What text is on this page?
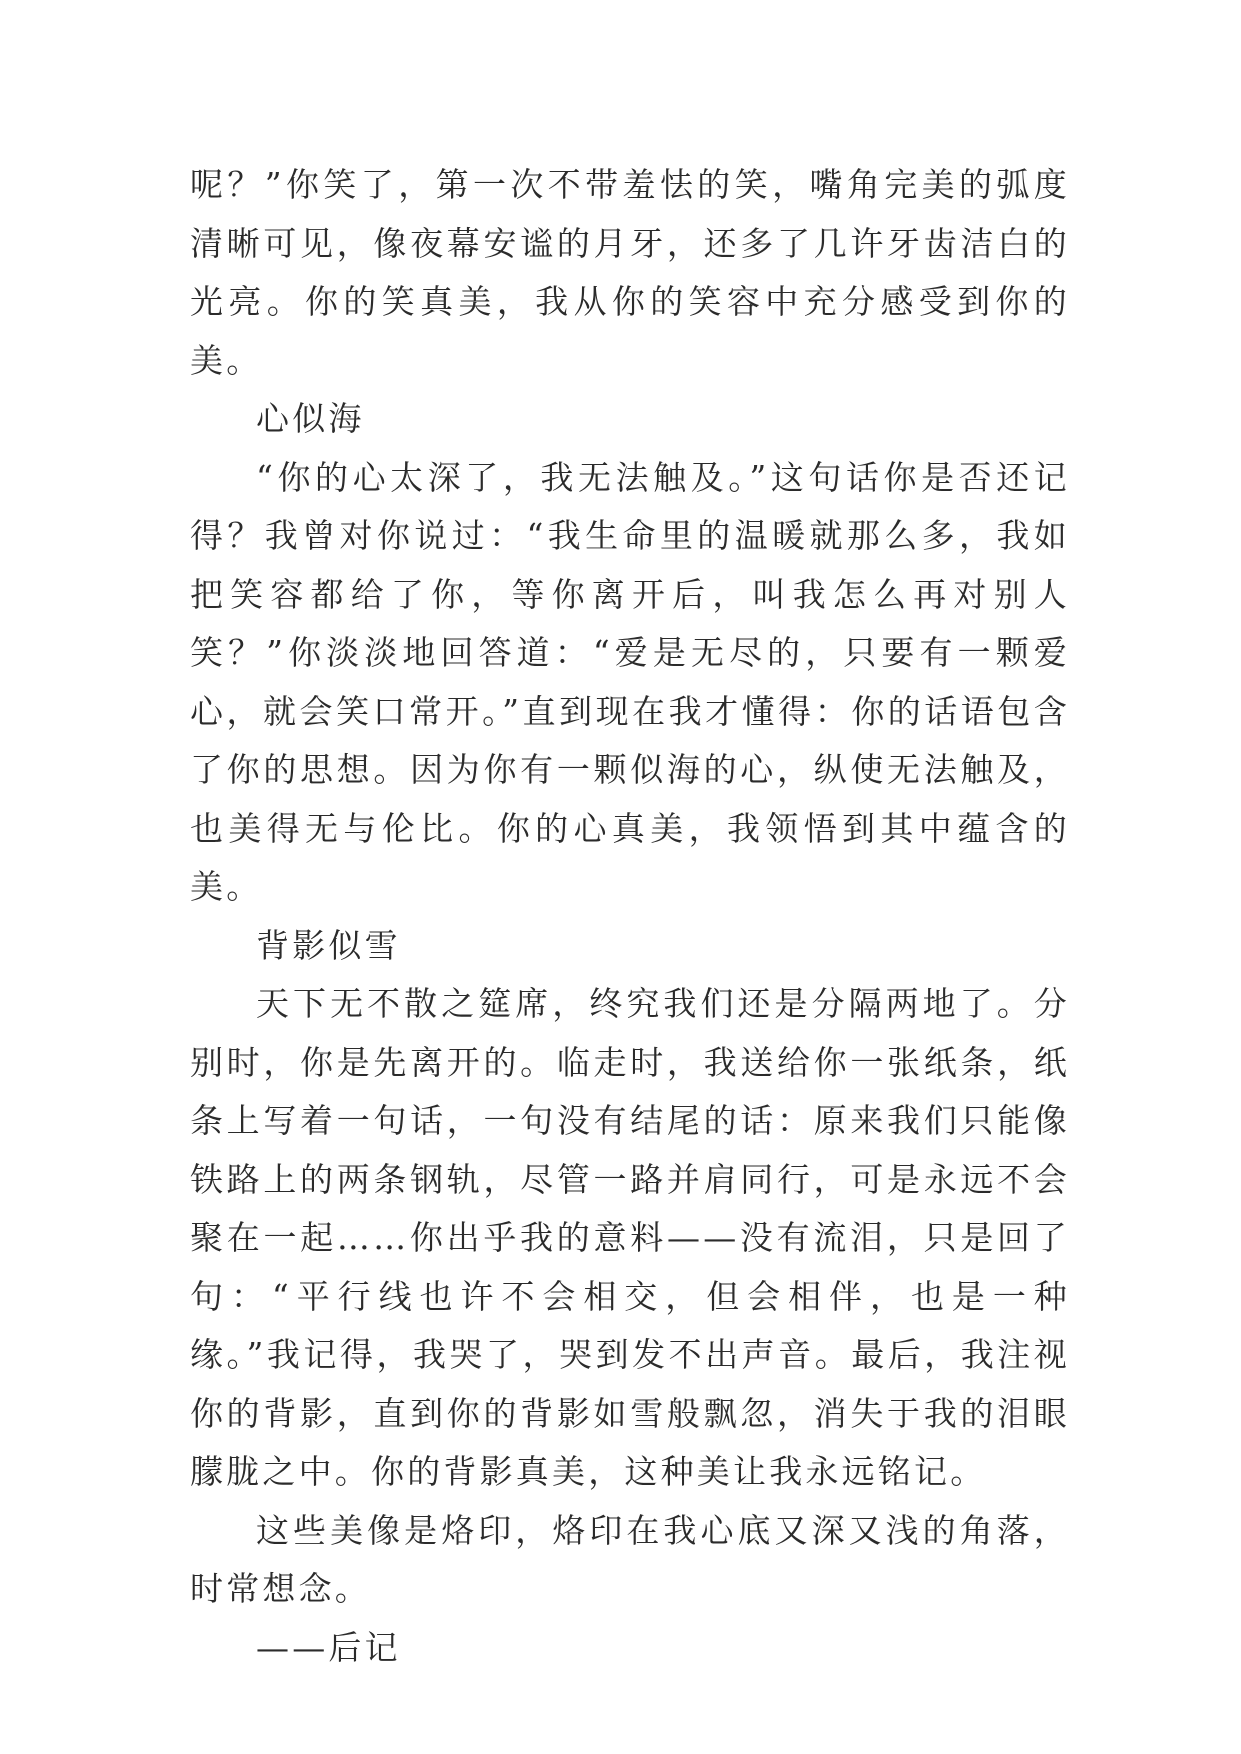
呢？”你笑了，第一次不带羞怯的笑，嘴角完美的弧度清晰可见，像夜幕安谧的月牙，还多了几许牙齿洁白的光亮。你的笑真美，我从你的笑容中充分感受到你的美。

心似海

“你的心太深了，我无法触及。”这句话你是否还记得？我曾对你说过：“我生命里的温暖就那么多，我如把笑容都给了你，等你离开后，叫我怎么再对别人笑？”你淡淡地回答道：“爱是无尽的，只要有一颗爱心，就会笑口常开。”直到现在我才懂得：你的话语包含了你的思想。因为你有一颗似海的心，纵使无法触及，也美得无与伦比。你的心真美，我领悟到其中蕴含的美。

背影似雪

天下无不散之筵席，终究我们还是分隔两地了。分别时，你是先离开的。临走时，我送给你一张纸条，纸条上写着一句话，一句没有结尾的话：原来我们只能像铁路上的两条钢轨，尽管一路并肩同行，可是永远不会聚在一起……你出乎我的意料——没有流泪，只是回了句：“平行线也许不会相交，但会相伴，也是一种缘。”我记得，我哭了，哭到发不出声音。最后，我注视你的背影，直到你的背影如雪般飘忽，消失于我的泪眼朦胧之中。你的背影真美，这种美让我永远铭记。

这些美像是烙印，烙印在我心底又深又浅的角落，时常想念。

——后记
